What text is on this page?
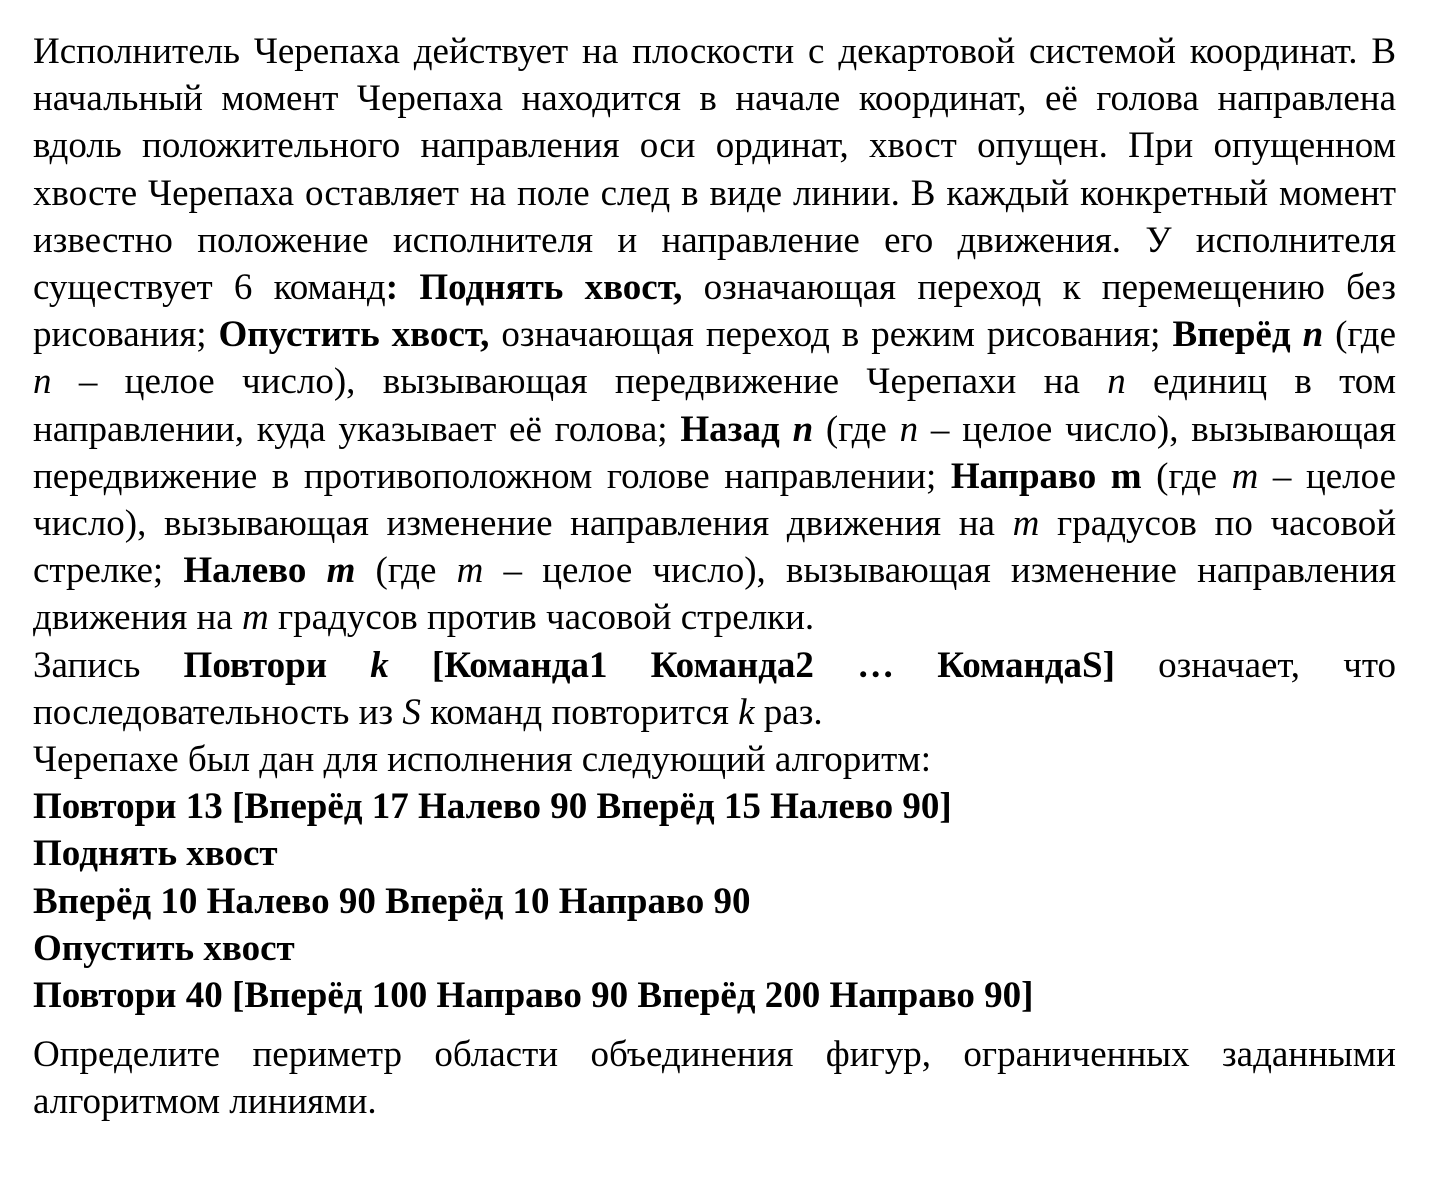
Исполнитель Черепаха действует на плоскости с декартовой системой координат. В начальный момент Черепаха находится в начале координат, её голова направлена вдоль положительного направления оси ординат, хвост опущен. При опущенном хвосте Черепаха оставляет на поле след в виде линии. В каждый конкретный момент известно положение исполнителя и направление его движения. У исполнителя существует 6 команд: Поднять хвост, означающая переход к перемещению без рисования; Опустить хвост, означающая переход в режим рисования; Вперёд n (где n – целое число), вызывающая передвижение Черепахи на n единиц в том направлении, куда указывает её голова; Назад n (где n – целое число), вызывающая передвижение в противоположном голове направлении; Направо m (где m – целое число), вызывающая изменение направления движения на m градусов по часовой стрелке; Налево m (где m – целое число), вызывающая изменение направления движения на m градусов против часовой стрелки.

Запись Повтори k [Команда1 Команда2 … КомандаS] означает, что последовательность из S команд повторится k раз.

Черепахе был дан для исполнения следующий алгоритм:

Повтори 13 [Вперёд 17 Налево 90 Вперёд 15 Налево 90]

Поднять хвост

Вперёд 10 Налево 90 Вперёд 10 Направо 90

Опустить хвост

Повтори 40 [Вперёд 100 Направо 90 Вперёд 200 Направо 90]

Определите периметр области объединения фигур, ограниченных заданными алгоритмом линиями.
